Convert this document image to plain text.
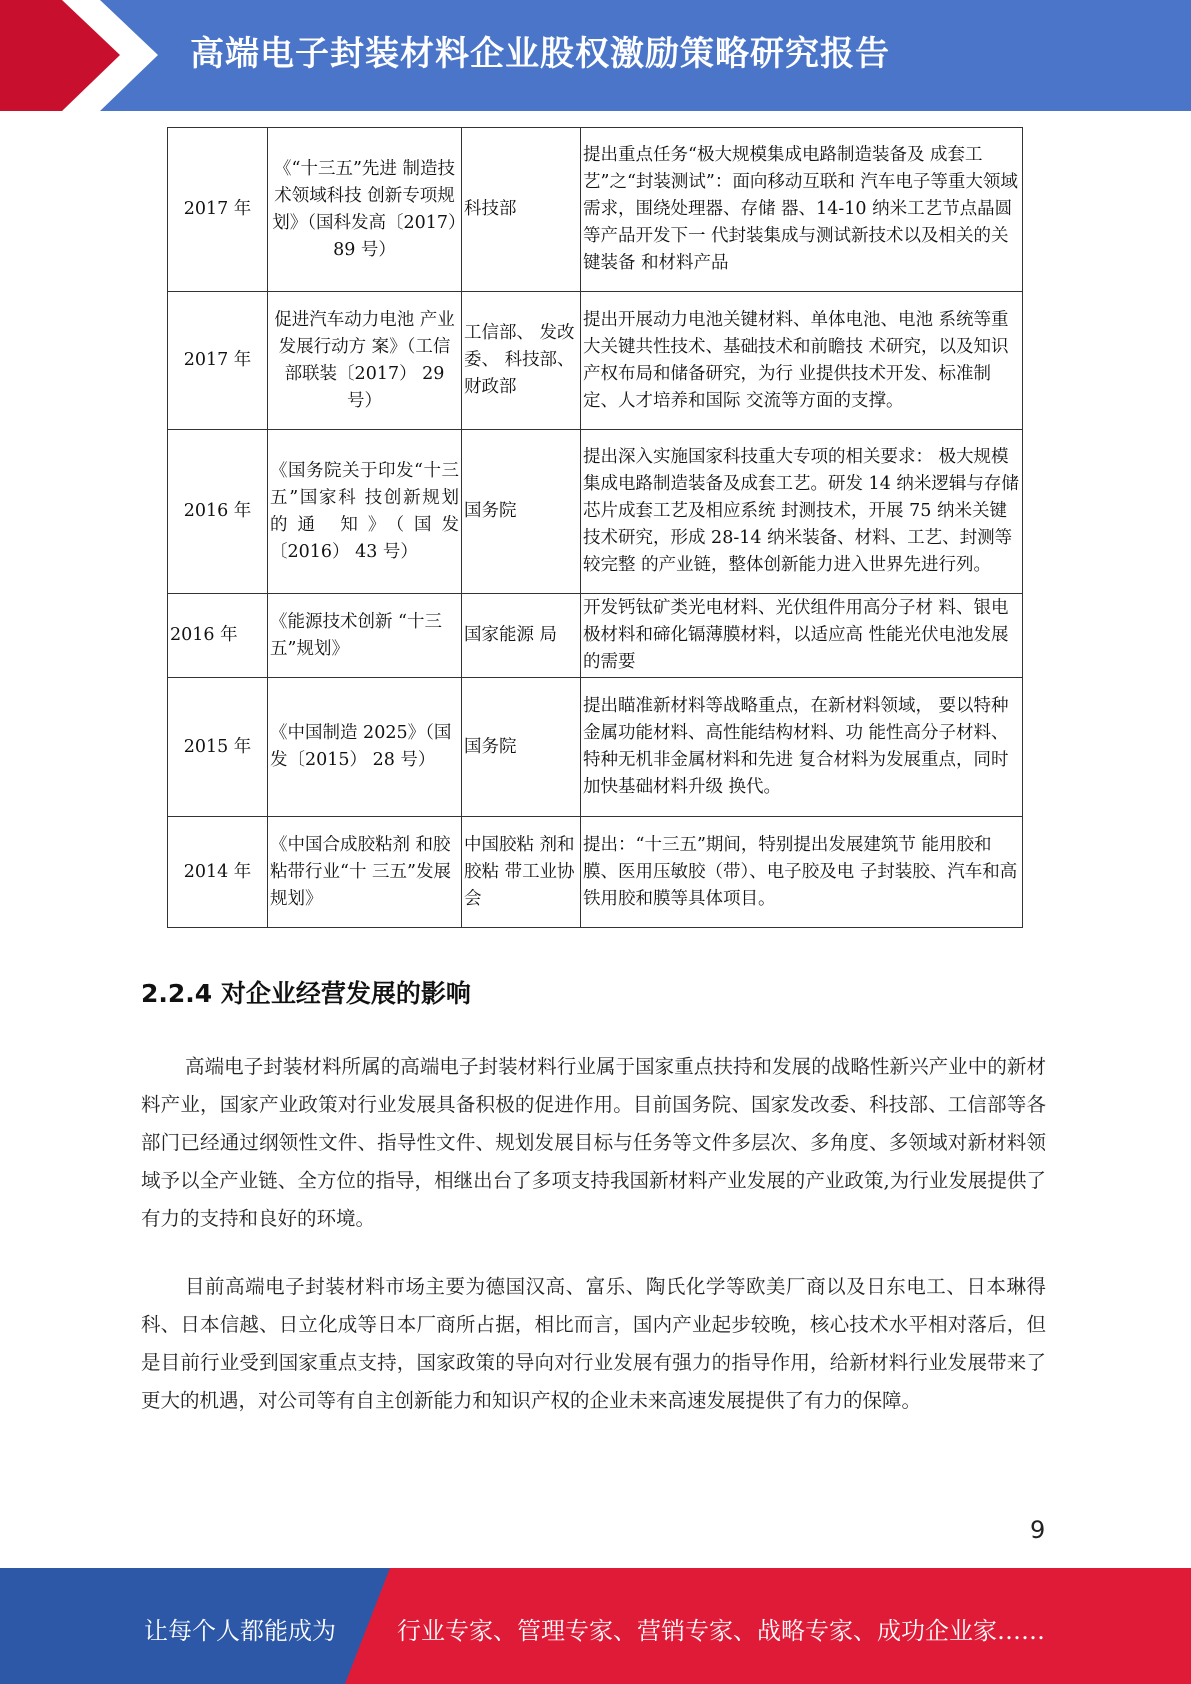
高端电子封装材料企业股权激励策略研究报告
2017 年	《“十三五”先进 制造技术领域科技 创新专项规划》（国科发高〔2017）89 号）	科技部	提出重点任务“极大规模集成电路制造装备及 成套工艺”之“封装测试”：面向移动互联和 汽车电子等重大领域需求，围绕处理器、存储 器、14-10 纳米工艺节点晶圆等产品开发下一 代封装集成与测试新技术以及相关的关键装备 和材料产品
2017 年	促进汽车动力电池 产业发展行动方 案》（工信部联装〔2017） 29 号）	工信部、 发改委、 科技部、 财政部	提出开展动力电池关键材料、单体电池、电池 系统等重大关键共性技术、基础技术和前瞻技 术研究，以及知识产权布局和储备研究，为行 业提供技术开发、标准制定、人才培养和国际 交流等方面的支撑。
2016 年	《国务院关于印发“十三五”国家科 技创新规划的通 知》（国发〔2016） 43 号）	国务院	提出深入实施国家科技重大专项的相关要求： 极大规模集成电路制造装备及成套工艺。研发 14 纳米逻辑与存储芯片成套工艺及相应系统 封测技术，开展 75 纳米关键技术研究，形成 28-14 纳米装备、材料、工艺、封测等较完整 的产业链，整体创新能力进入世界先进行列。
2016 年	《能源技术创新 “十三五”规划》	国家能源 局	开发钙钛矿类光电材料、光伏组件用高分子材 料、银电极材料和碲化镉薄膜材料，以适应高 性能光伏电池发展的需要
2015 年	《中国制造 2025》（国发〔2015） 28 号）	国务院	提出瞄准新材料等战略重点，在新材料领域， 要以特种金属功能材料、高性能结构材料、功 能性高分子材料、特种无机非金属材料和先进 复合材料为发展重点，同时加快基础材料升级 换代。
2014 年	《中国合成胶粘剂 和胶粘带行业“十 三五”发展规划》	中国胶粘 剂和胶粘 带工业协 会	提出：“十三五”期间，特别提出发展建筑节 能用胶和膜、医用压敏胶（带）、电子胶及电 子封装胶、汽车和高铁用胶和膜等具体项目。
2.2.4 对企业经营发展的影响

高端电子封装材料所属的高端电子封装材料行业属于国家重点扶持和发展的战略性新兴产业中的新材料产业，国家产业政策对行业发展具备积极的促进作用。目前国务院、国家发改委、科技部、工信部等各部门已经通过纲领性文件、指导性文件、规划发展目标与任务等文件多层次、多角度、多领域对新材料领域予以全产业链、全方位的指导，相继出台了多项支持我国新材料产业发展的产业政策,为行业发展提供了有力的支持和良好的环境。

目前高端电子封装材料市场主要为德国汉高、富乐、陶氏化学等欧美厂商以及日东电工、日本琳得科、日本信越、日立化成等日本厂商所占据，相比而言，国内产业起步较晚，核心技术水平相对落后，但是目前行业受到国家重点支持，国家政策的导向对行业发展有强力的指导作用，给新材料行业发展带来了更大的机遇，对公司等有自主创新能力和知识产权的企业未来高速发展提供了有力的保障。

9
让每个人都能成为	行业专家、管理专家、营销专家、战略专家、成功企业家……
